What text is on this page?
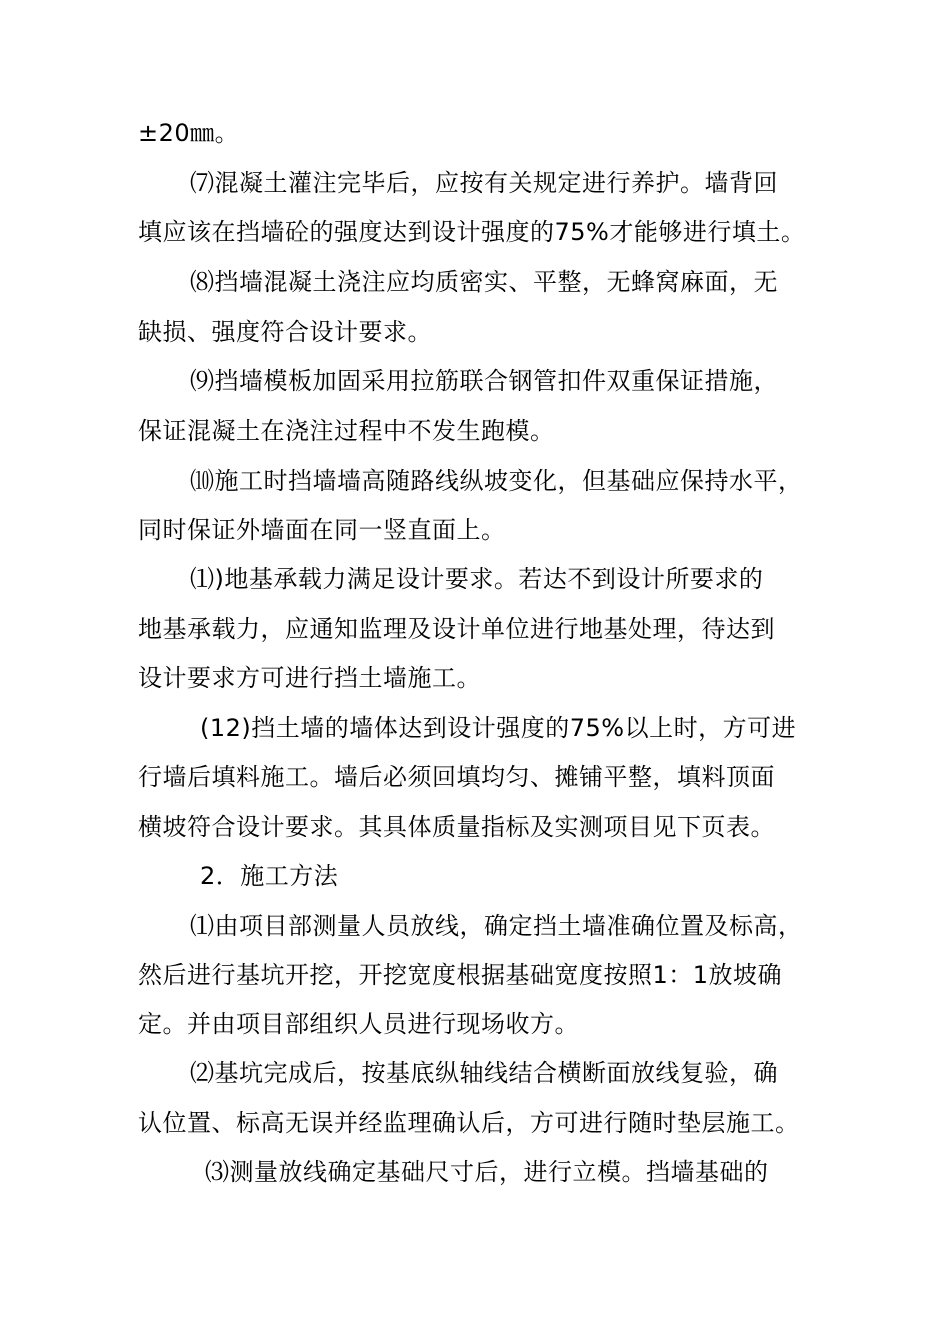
±20㎜。
⑺混凝土灌注完毕后，应按有关规定进行养护。墙背回
填应该在挡墙砼的强度达到设计强度的75%才能够进行填土。
⑻挡墙混凝土浇注应均质密实、平整，无蜂窝麻面，无
缺损、强度符合设计要求。
⑼挡墙模板加固采用拉筋联合钢管扣件双重保证措施，
保证混凝土在浇注过程中不发生跑模。
⑽施工时挡墙墙高随路线纵坡变化，但基础应保持水平，
同时保证外墙面在同一竖直面上。
⑴)地基承载力满足设计要求。若达不到设计所要求的
地基承载力，应通知监理及设计单位进行地基处理，待达到
设计要求方可进行挡土墙施工。
(12)挡土墙的墙体达到设计强度的75%以上时，方可进
行墙后填料施工。墙后必须回填均匀、摊铺平整，填料顶面
横坡符合设计要求。其具体质量指标及实测项目见下页表。
2．施工方法
⑴由项目部测量人员放线，确定挡土墙准确位置及标高，
然后进行基坑开挖，开挖宽度根据基础宽度按照1：1放坡确
定。并由项目部组织人员进行现场收方。
⑵基坑完成后，按基底纵轴线结合横断面放线复验，确
认位置、标高无误并经监理确认后，方可进行随时垫层施工。
⑶测量放线确定基础尺寸后，进行立模。挡墙基础的
